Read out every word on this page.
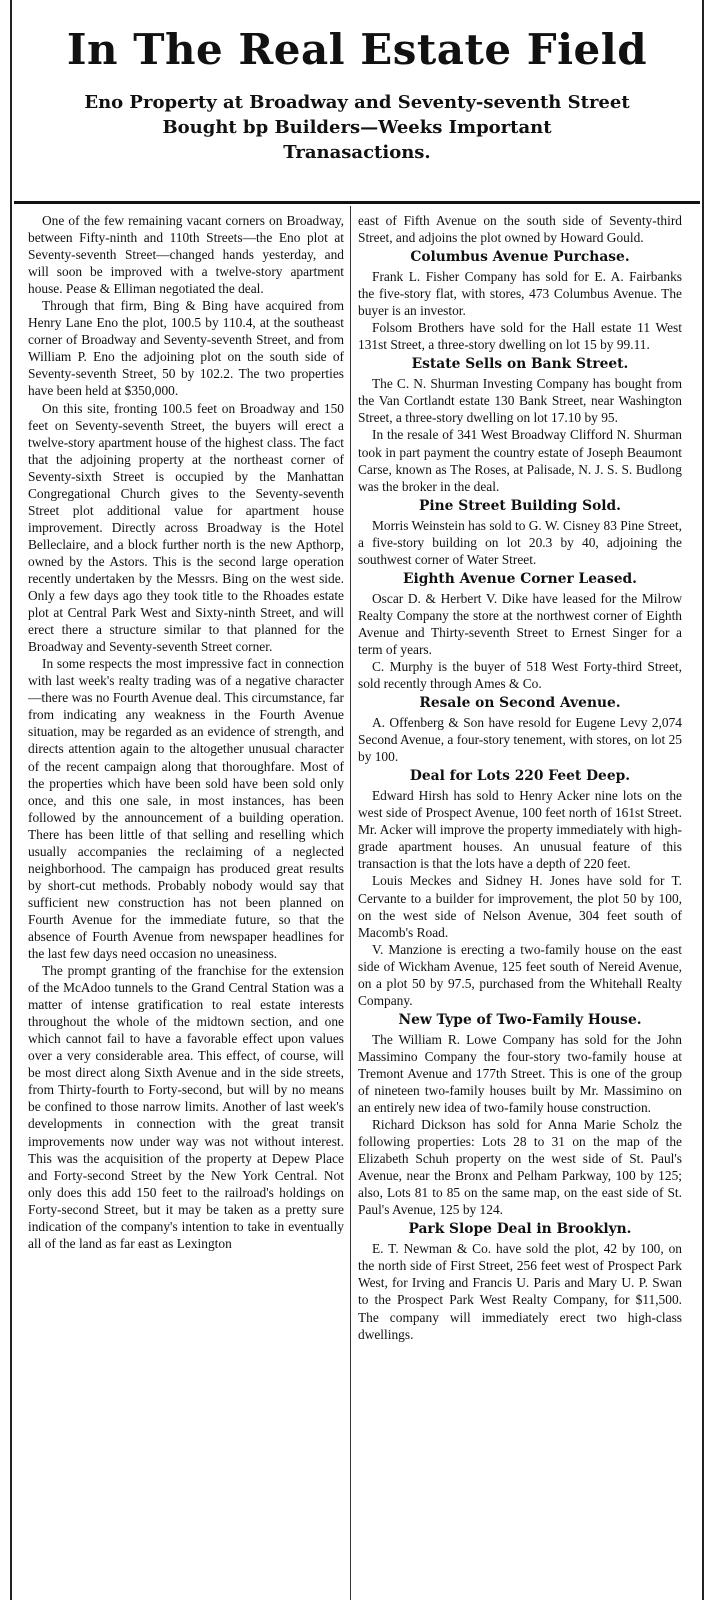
In The Real Estate Field
Eno Property at Broadway and Seventy-seventh Street
Bought bp Builders—Weeks Important
Tranasactions.

One of the few remaining vacant corners on Broadway, between Fifty-ninth and 110th Streets—the Eno plot at Seventy-seventh Street—changed hands yesterday, and will soon be improved with a twelve-story apartment house. Pease & Elliman negotiated the deal.

Through that firm, Bing & Bing have acquired from Henry Lane Eno the plot, 100.5 by 110.4, at the southeast corner of Broadway and Seventy-seventh Street, and from William P. Eno the adjoining plot on the south side of Seventy-seventh Street, 50 by 102.2. The two properties have been held at $350,000.

On this site, fronting 100.5 feet on Broadway and 150 feet on Seventy-seventh Street, the buyers will erect a twelve-story apartment house of the highest class. The fact that the adjoining property at the northeast corner of Seventy-sixth Street is occupied by the Manhattan Congregational Church gives to the Seventy-seventh Street plot additional value for apartment house improvement. Directly across Broadway is the Hotel Belleclaire, and a block further north is the new Apthorp, owned by the Astors. This is the second large operation recently undertaken by the Messrs. Bing on the west side. Only a few days ago they took title to the Rhoades estate plot at Central Park West and Sixty-ninth Street, and will erect there a structure similar to that planned for the Broadway and Seventy-seventh Street corner.

In some respects the most impressive fact in connection with last week's realty trading was of a negative character—there was no Fourth Avenue deal. This circumstance, far from indicating any weakness in the Fourth Avenue situation, may be regarded as an evidence of strength, and directs attention again to the altogether unusual character of the recent campaign along that thoroughfare. Most of the properties which have been sold have been sold only once, and this one sale, in most instances, has been followed by the announcement of a building operation. There has been little of that selling and reselling which usually accompanies the reclaiming of a neglected neighborhood. The campaign has produced great results by short-cut methods. Probably nobody would say that sufficient new construction has not been planned on Fourth Avenue for the immediate future, so that the absence of Fourth Avenue from newspaper headlines for the last few days need occasion no uneasiness.

The prompt granting of the franchise for the extension of the McAdoo tunnels to the Grand Central Station was a matter of intense gratification to real estate interests throughout the whole of the midtown section, and one which cannot fail to have a favorable effect upon values over a very considerable area. This effect, of course, will be most direct along Sixth Avenue and in the side streets, from Thirty-fourth to Forty-second, but will by no means be confined to those narrow limits. Another of last week's developments in connection with the great transit improvements now under way was not without interest. This was the acquisition of the property at Depew Place and Forty-second Street by the New York Central. Not only does this add 150 feet to the railroad's holdings on Forty-second Street, but it may be taken as a pretty sure indication of the company's intention to take in eventually all of the land as far east as Lexington

east of Fifth Avenue on the south side of Seventy-third Street, and adjoins the plot owned by Howard Gould.

Columbus Avenue Purchase.

Frank L. Fisher Company has sold for E. A. Fairbanks the five-story flat, with stores, 473 Columbus Avenue. The buyer is an investor.

Folsom Brothers have sold for the Hall estate 11 West 131st Street, a three-story dwelling on lot 15 by 99.11.

Estate Sells on Bank Street.

The C. N. Shurman Investing Company has bought from the Van Cortlandt estate 130 Bank Street, near Washington Street, a three-story dwelling on lot 17.10 by 95.

In the resale of 341 West Broadway Clifford N. Shurman took in part payment the country estate of Joseph Beaumont Carse, known as The Roses, at Palisade, N. J. S. S. Budlong was the broker in the deal.

Pine Street Building Sold.

Morris Weinstein has sold to G. W. Cisney 83 Pine Street, a five-story building on lot 20.3 by 40, adjoining the southwest corner of Water Street.

Eighth Avenue Corner Leased.

Oscar D. & Herbert V. Dike have leased for the Milrow Realty Company the store at the northwest corner of Eighth Avenue and Thirty-seventh Street to Ernest Singer for a term of years.

C. Murphy is the buyer of 518 West Forty-third Street, sold recently through Ames & Co.

Resale on Second Avenue.

A. Offenberg & Son have resold for Eugene Levy 2,074 Second Avenue, a four-story tenement, with stores, on lot 25 by 100.

Deal for Lots 220 Feet Deep.

Edward Hirsh has sold to Henry Acker nine lots on the west side of Prospect Avenue, 100 feet north of 161st Street. Mr. Acker will improve the property immediately with high-grade apartment houses. An unusual feature of this transaction is that the lots have a depth of 220 feet.

Louis Meckes and Sidney H. Jones have sold for T. Cervante to a builder for improvement, the plot 50 by 100, on the west side of Nelson Avenue, 304 feet south of Macomb's Road.

V. Manzione is erecting a two-family house on the east side of Wickham Avenue, 125 feet south of Nereid Avenue, on a plot 50 by 97.5, purchased from the Whitehall Realty Company.

New Type of Two-Family House.

The William R. Lowe Company has sold for the John Massimino Company the four-story two-family house at Tremont Avenue and 177th Street. This is one of the group of nineteen two-family houses built by Mr. Massimino on an entirely new idea of two-family house construction.

Richard Dickson has sold for Anna Marie Scholz the following properties: Lots 28 to 31 on the map of the Elizabeth Schuh property on the west side of St. Paul's Avenue, near the Bronx and Pelham Parkway, 100 by 125; also, Lots 81 to 85 on the same map, on the east side of St. Paul's Avenue, 125 by 124.

Park Slope Deal in Brooklyn.

E. T. Newman & Co. have sold the plot, 42 by 100, on the north side of First Street, 256 feet west of Prospect Park West, for Irving and Francis U. Paris and Mary U. P. Swan to the Prospect Park West Realty Company, for $11,500. The company will immediately erect two high-class dwellings.
